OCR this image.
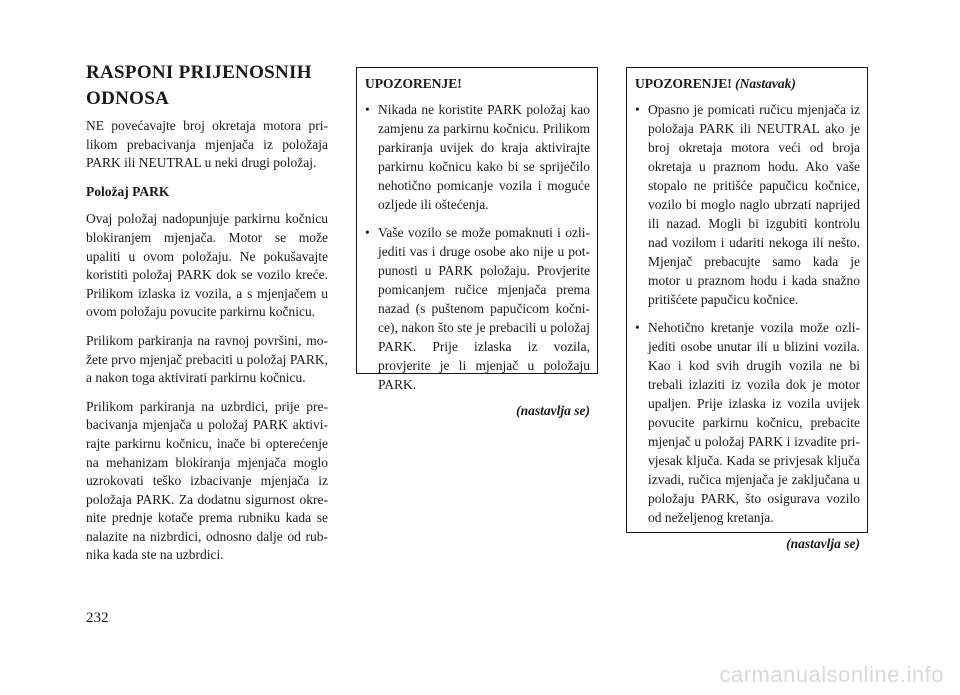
RASPONI PRIJENOSNIH
ODNOSA

NE povećavajte broj okretaja motora prilikom prebacivanja mjenjača iz položaja PARK ili NEUTRAL u neki drugi položaj.

Položaj PARK

Ovaj položaj nadopunjuje parkirnu kočnicu blokiranjem mjenjača. Motor se može upaliti u ovom položaju. Ne pokušavajte koristiti položaj PARK dok se vozilo kreće. Prilikom izlaska iz vozila, a s mjenjačem u ovom položaju povucite parkirnu kočnicu.

Prilikom parkiranja na ravnoj površini, možete prvo mjenjač prebaciti u položaj PARK, a nakon toga aktivirati parkirnu kočnicu.

Prilikom parkiranja na uzbrdici, prije prebacivanja mjenjača u položaj PARK aktivirajte parkirnu kočnicu, inače bi opterećenje na mehanizam blokiranja mjenjača moglo uzrokovati teško izbacivanje mjenjača iz položaja PARK. Za dodatnu sigurnost okrenite prednje kotače prema rubniku kada se nalazite na nizbrdici, odnosno dalje od rubnika kada ste na uzbrdici.

UPOZORENJE!
• Nikada ne koristite PARK položaj kao zamjenu za parkirnu kočnicu. Prilikom parkiranja uvijek do kraja aktivirajte parkirnu kočnicu kako bi se spriječilo nehotično pomicanje vozila i moguće ozljede ili oštećenja.
• Vaše vozilo se može pomaknuti i ozlijediti vas i druge osobe ako nije u potpunosti u PARK položaju. Provjerite pomicanjem ručice mjenjača prema nazad (s puštenom papučicom kočnice), nakon što ste je prebacili u položaj PARK. Prije izlaska iz vozila, provjerite je li mjenjač u položaju PARK.
(nastavlja se)
UPOZORENJE! (Nastavak)
• Opasno je pomicati ručicu mjenjača iz položaja PARK ili NEUTRAL ako je broj okretaja motora veći od broja okretaja u praznom hodu. Ako vaše stopalo ne pritišće papučicu kočnice, vozilo bi moglo naglo ubrzati naprijed ili nazad. Mogli bi izgubiti kontrolu nad vozilom i udariti nekoga ili nešto. Mjenjač prebacujte samo kada je motor u praznom hodu i kada snažno pritišćete papučicu kočnice.
• Nehotično kretanje vozila može ozlijediti osobe unutar ili u blizini vozila. Kao i kod svih drugih vozila ne bi trebali izlaziti iz vozila dok je motor upaljen. Prije izlaska iz vozila uvijek povucite parkirnu kočnicu, prebacite mjenjač u položaj PARK i izvadite privjesak ključa. Kada se privjesak ključa izvadi, ručica mjenjača je zaključana u položaju PARK, što osigurava vozilo od neželjenog kretanja.
(nastavlja se)
232
carmanualsonline.info
